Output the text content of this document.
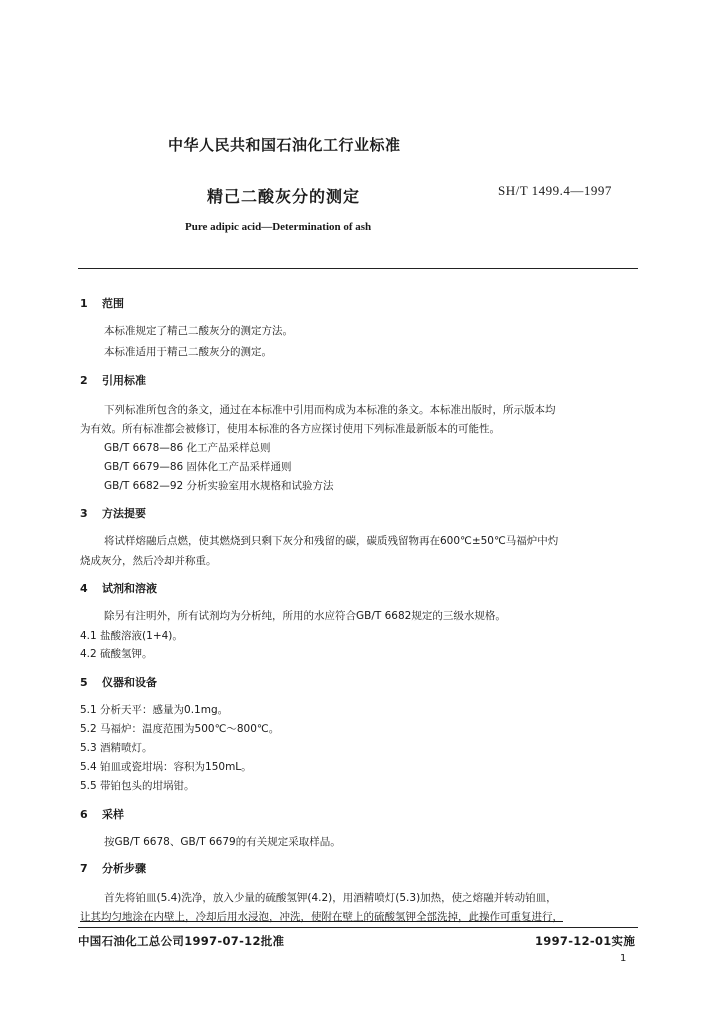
中华人民共和国石油化工行业标准
精己二酸灰分的测定	SH/T 1499.4—1997
Pure adipic acid—Determination of ash
1 范围
本标准规定了精己二酸灰分的测定方法。
本标准适用于精己二酸灰分的测定。
2 引用标准
下列标准所包含的条文，通过在本标准中引用而构成为本标准的条文。本标准出版时，所示版本均
为有效。所有标准都会被修订，使用本标准的各方应探讨使用下列标准最新版本的可能性。
GB/T 6678—86 化工产品采样总则
GB/T 6679—86 固体化工产品采样通则
GB/T 6682—92 分析实验室用水规格和试验方法
3 方法提要
将试样熔融后点燃，使其燃烧到只剩下灰分和残留的碳，碳质残留物再在600℃±50℃马福炉中灼
烧成灰分，然后冷却并称重。
4 试剂和溶液
除另有注明外，所有试剂均为分析纯，所用的水应符合GB/T 6682规定的三级水规格。
4.1 盐酸溶液(1+4)。
4.2 硫酸氢钾。
5 仪器和设备
5.1 分析天平：感量为0.1mg。
5.2 马福炉：温度范围为500℃～800℃。
5.3 酒精喷灯。
5.4 铂皿或瓷坩埚：容积为150mL。
5.5 带铂包头的坩埚钳。
6 采样
按GB/T 6678、GB/T 6679的有关规定采取样品。
7 分析步骤
首先将铂皿(5.4)洗净，放入少量的硫酸氢钾(4.2)，用酒精喷灯(5.3)加热，使之熔融并转动铂皿，
让其均匀地涂在内壁上，冷却后用水浸泡，冲洗，使附在壁上的硫酸氢钾全部洗掉，此操作可重复进行，
中国石油化工总公司1997-07-12批准	1997-12-01实施
1
